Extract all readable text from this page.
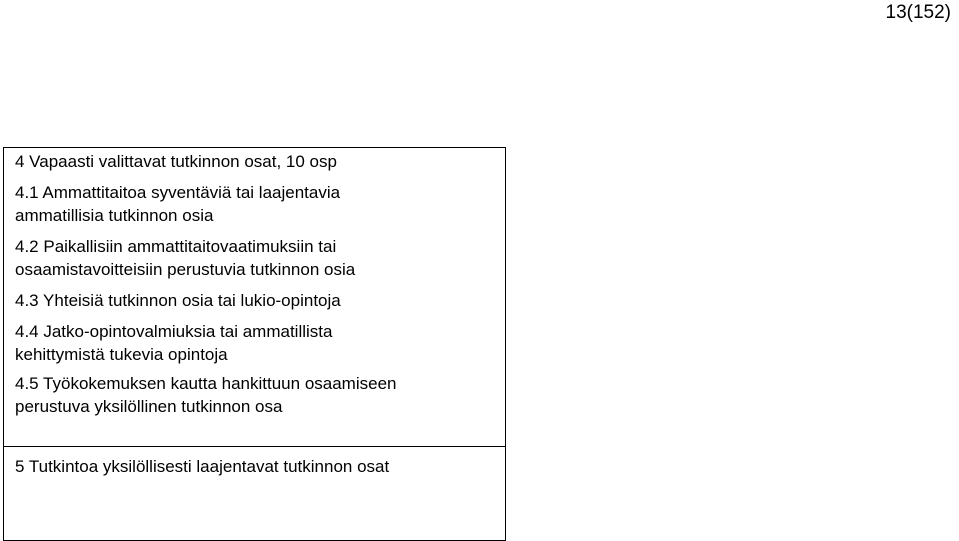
13(152)
4 Vapaasti valittavat tutkinnon osat, 10 osp
4.1 Ammattitaitoa syventäviä tai laajentavia
ammatillisia tutkinnon osia
4.2 Paikallisiin ammattitaitovaatimuksiin tai
osaamistavoitteisiin perustuvia tutkinnon osia
4.3 Yhteisiä tutkinnon osia tai lukio-opintoja
4.4 Jatko-opintovalmiuksia tai ammatillista
kehittymistä tukevia opintoja
4.5 Työkokemuksen kautta hankittuun osaamiseen
perustuva yksilöllinen tutkinnon osa
5 Tutkintoa yksilöllisesti laajentavat tutkinnon osat
